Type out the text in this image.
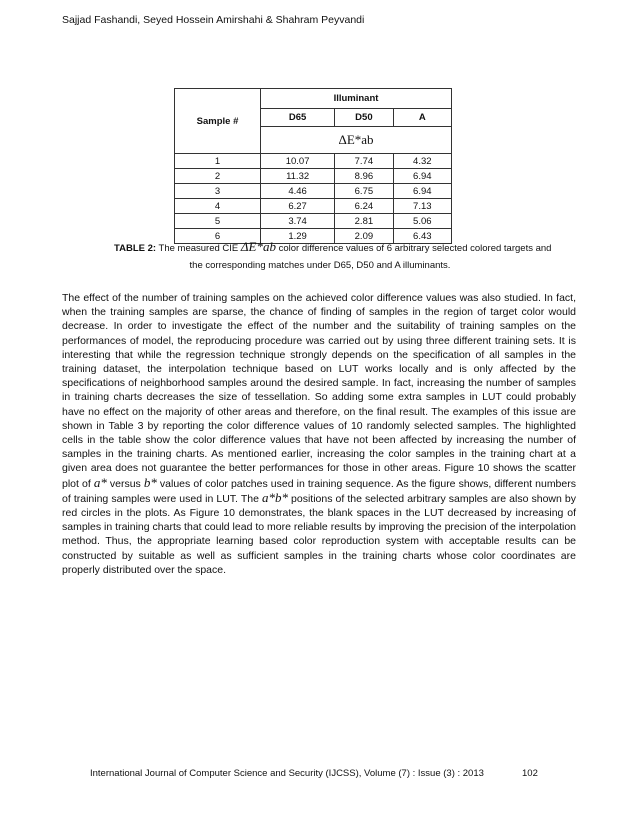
Sajjad Fashandi, Seyed Hossein Amirshahi & Shahram Peyvandi
Sample #	Illuminant		
	D65	D50	A
	ΔE*ab		
1	10.07	7.74	4.32
2	11.32	8.96	6.94
3	4.46	6.75	6.94
4	6.27	6.24	7.13
5	3.74	2.81	5.06
6	1.29	2.09	6.43
TABLE 2: The measured CIE ΔE*ab color difference values of 6 arbitrary selected colored targets and
the corresponding matches under D65, D50 and A illuminants.

The effect of the number of training samples on the achieved color difference values was also studied. In fact, when the training samples are sparse, the chance of finding of samples in the region of target color would decrease. In order to investigate the effect of the number and the suitability of training samples on the performances of model, the reproducing procedure was carried out by using three different training sets. It is interesting that while the regression technique strongly depends on the specification of all samples in the training dataset, the interpolation technique based on LUT works locally and is only affected by the specifications of neighborhood samples around the desired sample. In fact, increasing the number of samples in training charts decreases the size of tessellation. So adding some extra samples in LUT could probably have no effect on the majority of other areas and therefore, on the final result. The examples of this issue are shown in Table 3 by reporting the color difference values of 10 randomly selected samples. The highlighted cells in the table show the color difference values that have not been affected by increasing the number of samples in the training charts. As mentioned earlier, increasing the color samples in the training chart at a given area does not guarantee the better performances for those in other areas. Figure 10 shows the scatter plot of a* versus b* values of color patches used in training sequence. As the figure shows, different numbers of training samples were used in LUT. The a*b* positions of the selected arbitrary samples are also shown by red circles in the plots. As Figure 10 demonstrates, the blank spaces in the LUT decreased by increasing of samples in training charts that could lead to more reliable results by improving the precision of the interpolation method. Thus, the appropriate learning based color reproduction system with acceptable results can be constructed by suitable as well as sufficient samples in the training charts whose color coordinates are properly distributed over the space.

International Journal of Computer Science and Security (IJCSS), Volume (7) : Issue (3) : 2013	102
